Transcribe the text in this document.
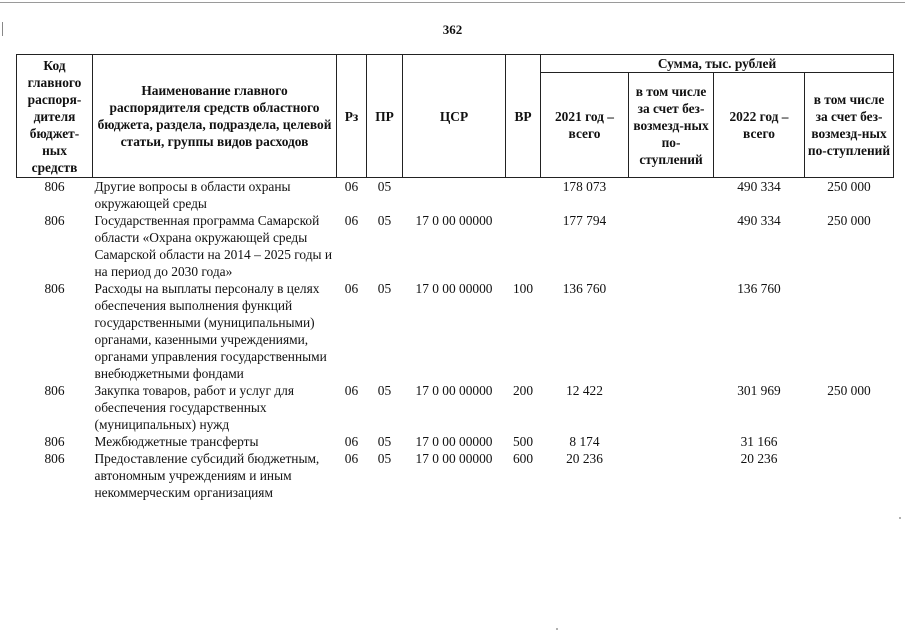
362
Код главного распоря-дителя бюджет-ных средств	Наименование главного распорядителя средств областного бюджета, раздела, подраздела, целевой статьи, группы видов расходов	Рз	ПР	ЦСР	ВР	Сумма, тыс. рублей			
						2021 год – всего	в том числе за счет без-возмезд-ных по-ступлений	2022 год – всего	в том числе за счет без-возмезд-ных по-ступлений
806	Другие вопросы в области охраны окружающей среды	06	05			178 073		490 334	250 000
806	Государственная программа Самарской области «Охрана окружающей среды Самарской области на 2014 – 2025 годы и на период до 2030 года»	06	05	17 0 00 00000		177 794		490 334	250 000
806	Расходы на выплаты персоналу в целях обеспечения выполнения функций государственными (муниципальными) органами, казенными учреждениями, органами управления государственными внебюджетными фондами	06	05	17 0 00 00000	100	136 760		136 760	
806	Закупка товаров, работ и услуг для обеспечения государственных (муниципальных) нужд	06	05	17 0 00 00000	200	12 422		301 969	250 000
806	Межбюджетные трансферты	06	05	17 0 00 00000	500	8 174		31 166	
806	Предоставление субсидий бюджетным, автономным учреждениям и иным некоммерческим организациям	06	05	17 0 00 00000	600	20 236		20 236	
